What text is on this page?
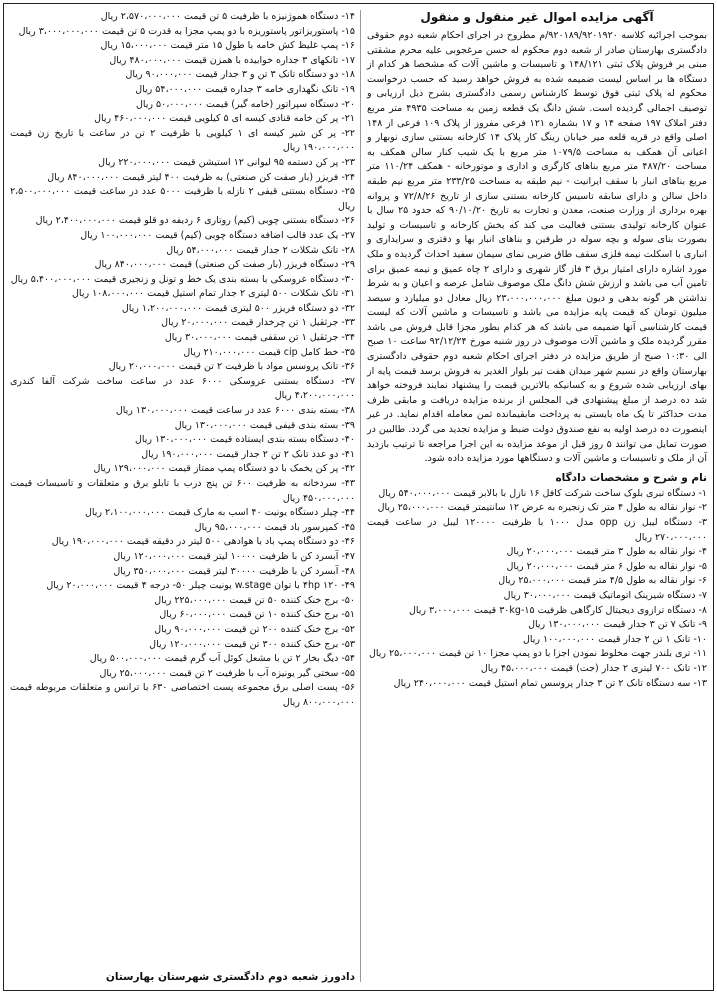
آگهی مزایده اموال غیر منقول و منقول

بموجب اجرائیه کلاسه ۹۲۰۱۸۹/۹۲۰۱۹۲۰/م مطروح در اجرای احکام شعبه دوم حقوقی دادگستری بهارستان صادر از شعبه دوم محکوم له حسن مرغجوبی علیه محرم مشقتی مبنی بر فروش پلاک ثبتی ۱۴۸/۱۲۱ و تاسیسات و ماشین آلات که مشخصا هر کدام از دستگاه ها بر اساس لیست ضمیمه شده به فروش خواهد رسید که حسب درخواست محکوم له پلاک ثبتی فوق توسط کارشناس رسمی دادگستری بشرح ذیل ارزیابی و توصیف اجمالی گردیده است. شش دانگ یک قطعه زمین به مساحت ۴۹۳۵ متر مربع دفتر املاک ۱۹۷ صفحه ۱۴ و ۱۷ بشماره ۱۲۱ فرعی مفروز از پلاک ۱۰۹ فرعی از ۱۴۸ اصلی واقع در قریه قلعه میر خیابان رینگ کار پلاک ۱۴ کارخانه بستنی سازی نوبهار و اعیانی آن همکف به مساحت ۱۰۷۹/۵ متر مربع با یک شیب کنار سالن همکف به مساحت ۴۸۷/۲۰ متر مربع بناهای کارگری و اداری و موتورخانه - همکف ۱۱۰/۲۴ متر مربع بناهای انبار با سقف ایرانیت - نیم طبقه به مساحت ۲۳۳/۲۵ متر مربع نیم طبقه داخل سالن و دارای سابقه تاسیس کارخانه بستنی سازی از تاریخ ۷۲/۸/۲۶ و پروانه بهره برداری از وزارت صنعت، معدن و تجارت به تاریخ ۹۰/۱۰/۲۰ که حدود ۲۵ سال با عنوان کارخانه تولیدی بستنی فعالیت می کند که بخش کارخانه و تاسیسات و تولید بصورت بنای سوله و بچه سوله در طرفین و بناهای انبار بها و دفتری و سرایداری و انباری با اسکلت نیمه فلزی سقف طاق ضربی نمای سیمان سفید احداث گردیده و ملک مورد اشاره دارای امتیاز برق ۳ فاز گاز شهری و دارای ۲ چاه عمیق و نیمه عمیق برای تامین آب می باشد و ارزش شش دانگ ملک موصوف شامل عرصه و اعیان و به شرط نداشتن هر گونه بدهی و دیون مبلغ ۲۳،۰۰۰،۰۰۰،۰۰۰ ریال معادل دو میلیارد و سیصد میلیون تومان که قیمت پایه مزایده می باشد و تاسیسات و ماشین آلات که لیست قیمت کارشناسی آنها ضمیمه می باشد که هر کدام بطور مجزا قابل فروش می باشد مقرر گردیده ملک و ماشین آلات موصوف در روز شنبه مورخ ۹۲/۱۲/۲۴ ساعت ۱۰ صبح الی ۱۰:۳۰ صبح از طریق مزایده در دفتر اجرای احکام شعبه دوم حقوقی دادگستری بهارستان واقع در نسیم شهر میدان هفت تیر بلوار الغدیر به فروش برسد قیمت پایه از بهای ارزیابی شده شروع و به کسانیکه بالاترین قیمت را پیشنهاد نمایند فروخته خواهد شد ده درصد از مبلغ پیشنهادی فی المجلس از برنده مزایده دریافت و مابقی ظرف مدت حداکثر تا یک ماه بایستی به پرداخت مابقیمانده ثمن معامله اقدام نماید. در غیر اینصورت ده درصد اولیه به نفع صندوق دولت ضبط و مزایده تجدید می گردد. طالبین در صورت تمایل می توانند ۵ روز قبل از موعد مزایده به این اجرا مراجعه تا ترتیب بازدید آن از ملک و تاسیسات و ماشین آلات و دستگاهها مورد مزایده داده شود.

نام و شرح و مشخصات دادگاه
۱- دستگاه تبری بلوک ساخت شرکت کافل ۱۶ نازل با بالابر قیمت ۵۴۰،۰۰۰،۰۰۰ ریال
۲- نوار نقاله به طول ۴ متر تک زنجیره به عرض ۱۲ سانتیمتر قیمت ۲۵،۰۰۰،۰۰۰ ریال
۳- دستگاه لیبل زن opp مدل ۱۰۰۰ با ظرفیت ۱۲۰۰۰۰ لیبل در ساعت قیمت ۲۷۰،۰۰۰،۰۰۰ ریال
۴- نوار نقاله به طول ۳ متر قیمت ۲۰،۰۰۰،۰۰۰ ریال
۵- نوار نقاله به طول ۶ متر قیمت ۲۰،۰۰۰،۰۰۰ ریال
۶- نوار نقاله به طول ۴/۵ متر قیمت ۲۵،۰۰۰،۰۰۰ ریال
۷- دستگاه شیرینک اتوماتیک قیمت ۳۰،۰۰۰،۰۰۰ ریال
۸- دستگاه ترازوی دیجیتال کارگاهی ظرفیت ۱۵-۳۰kg قیمت ۳،۰۰۰،۰۰۰ ریال
۹- تانک ۷ تن ۳ جدار قیمت ۱۳۰،۰۰۰،۰۰۰ ریال
۱۰- تانک ۱ تن ۲ جدار قیمت ۱۰۰،۰۰۰،۰۰۰ ریال
۱۱- تری بلندر جهت مخلوط نمودن اجزا با دو پمپ مجزا ۱۰ تن قیمت ۲۵،۰۰۰،۰۰۰ ریال
۱۲- تانک ۷۰۰ لیتری ۲ جدار (جت) قیمت ۴۵،۰۰۰،۰۰۰ ریال
۱۳- سه دستگاه تانک ۲ تن ۳ جدار پروسس تمام استیل قیمت ۲۴۰،۰۰۰،۰۰۰ ریال
۱۴- دستگاه هموژنیزه با ظرفیت ۵ تن قیمت ۲،۵۷۰،۰۰۰،۰۰۰ ریال
۱۵- پاستوریزاتور پاستوریزه با دو پمپ مجزا به قدرت ۵ تن قیمت ۳،۰۰۰،۰۰۰،۰۰۰ ریال
۱۶- پمپ غلیظ کش خامه با طول ۱۵ متر قیمت ۱۵،۰۰۰،۰۰۰ ریال
۱۷- تانکهای ۳ جداره خوابیده با همزن قیمت ۴۸۰،۰۰۰،۰۰۰ ریال
۱۸- دو دستگاه تانک ۳ تن و ۳ جدار قیمت ۹۰،۰۰۰،۰۰۰ ریال
۱۹- تانک نگهداری خامه ۳ جداره قیمت ۵۴،۰۰۰،۰۰۰ ریال
۲۰- دستگاه سپراتور (خامه گیر) قیمت ۵۰،۰۰۰،۰۰۰ ریال
۲۱- پر کن خامه قنادی کیسه ای ۵ کیلویی قیمت ۴۶۰،۰۰۰،۰۰۰ ریال
۲۲- پر کن شیر کیسه ای ۱ کیلویی با ظرفیت ۲ تن در ساعت با تاریخ زن قیمت ۱۹۰،۰۰۰،۰۰۰ ریال
۲۳- پر کن دستمه ۹۵ لیوانی ۱۲ استیشن قیمت ۲۲۰،۰۰۰،۰۰۰ ریال
۲۴- فریزر (بار صفت کن صنعتی) به ظرفیت ۴۰۰ لیتر قیمت ۸۴۰،۰۰۰،۰۰۰ ریال
۲۵- دستگاه بستنی قیفی ۲ نازله با ظرفیت ۵۰۰۰ عدد در ساعت قیمت ۲،۵۰۰،۰۰۰،۰۰۰ ریال
۲۶- دستگاه بستنی چوبی (کیم) روتاری ۶ ردیفه دو قلو قیمت ۲،۴۰۰،۰۰۰،۰۰۰ ریال
۲۷- یک عدد قالب اضافه دستگاه چوبی (کیم) قیمت ۱۰۰،۰۰۰،۰۰۰ ریال
۲۸- تانک شکلات ۲ جدار قیمت ۵۴،۰۰۰،۰۰۰ ریال
۲۹- دستگاه فریزر (بار صفت کن صنعتی) قیمت ۸۴۰،۰۰۰،۰۰۰ ریال
۳۰- دستگاه عروسکی با بسته بندی یک خط و تونل و زنجیری قیمت ۵،۴۰۰،۰۰۰،۰۰۰ ریال
۳۱- تانک شکلات ۵۰۰ لیتری ۲ جدار تمام استیل قیمت ۱۰۸،۰۰۰،۰۰۰ ریال
۳۲- دو دستگاه فریزر ۵۰۰ لیتری قیمت ۱،۲۰۰،۰۰۰،۰۰۰ ریال
۳۳- جرثقیل ۱ تن چرخدار قیمت ۲۰،۰۰۰،۰۰۰ ریال
۳۴- جرثقیل ۱ تن سقفی قیمت ۳۰،۰۰۰،۰۰۰ ریال
۳۵- خط کامل cip قیمت ۲۱۰،۰۰۰،۰۰۰ ریال
۳۶- تانک پروسس مواد با ظرفیت ۲ تن قیمت ۲۰،۰۰۰،۰۰۰ ریال
۳۷- دستگاه بستنی عروسکی ۶۰۰۰ عدد در ساعت ساخت شرکت آلفا کندری ۴،۲۰۰،۰۰۰،۰۰۰ ریال
۳۸- بسته بندی ۶۰۰۰ عدد در ساعت قیمت ۱۳۰،۰۰۰،۰۰۰ ریال
۳۹- بسته بندی قیفی قیمت ۱۳۰،۰۰۰،۰۰۰ ریال
۴۰- دستگاه بسته بندی ایستاده قیمت ۱۳۰،۰۰۰،۰۰۰ ریال
۴۱- دو عدد تانک ۲ تن ۲ جدار قیمت ۱۹۰،۰۰۰،۰۰۰ ریال
۴۲- پر کن یخمک با دو دستگاه پمپ ممتاز قیمت ۱۲۹،۰۰۰،۰۰۰ ریال
۴۳- سردخانه به ظرفیت ۶۰۰ تن پنج درب با تابلو برق و متعلقات و تاسیسات قیمت ۴۵۰،۰۰۰،۰۰۰ ریال
۴۴- چیلر دستگاه یونیت ۴۰ اسب به مارک قیمت ۲،۱۰۰،۰۰۰،۰۰۰ ریال
۴۵- کمپرسور باد قیمت ۹۵،۰۰۰،۰۰۰ ریال
۴۶- دو دستگاه پمپ باد با هوادهی ۵۰۰ لیتر در دقیقه قیمت ۱۹۰،۰۰۰،۰۰۰ ریال
۴۷- آبسرد کن با ظرفیت ۱۰۰۰۰ لیتر قیمت ۱۲۰،۰۰۰،۰۰۰ ریال
۴۸- آبسرد کن با ظرفیت ۳۰۰۰۰ لیتر قیمت ۳۵۰،۰۰۰،۰۰۰ ریال
۴۹- ۴hp ۱۲۰ با توان w.stage یونیت چیلر ۵۰- درجه ۴ قیمت ۲۰،۰۰۰،۰۰۰ ریال
۵۰- برج خنک کننده ۵۰ تن قیمت ۲۲۵،۰۰۰،۰۰۰ ریال
۵۱- برج خنک کننده ۱۰ تن قیمت ۶۰،۰۰۰،۰۰۰ ریال
۵۲- برج خنک کننده ۲۰۰ تن قیمت ۹۰،۰۰۰،۰۰۰ ریال
۵۳- برج خنک کننده ۳۰۰ تن قیمت ۱۲۰،۰۰۰،۰۰۰ ریال
۵۴- دیگ بخار ۲ تن با مشعل کوئل آب گرم قیمت ۵۰۰،۰۰۰،۰۰۰ ریال
۵۵- سختی گیر یونیزه آب با ظرفیت ۲ تن قیمت ۲۵،۰۰۰،۰۰۰ ریال
۵۶- پست اصلی برق مجموعه پست اختصاصی ۶۳۰ با ترانس و متعلقات مربوطه قیمت ۸۰۰،۰۰۰،۰۰۰ ریال
دادورز شعبه دوم دادگستری شهرستان بهارستان
